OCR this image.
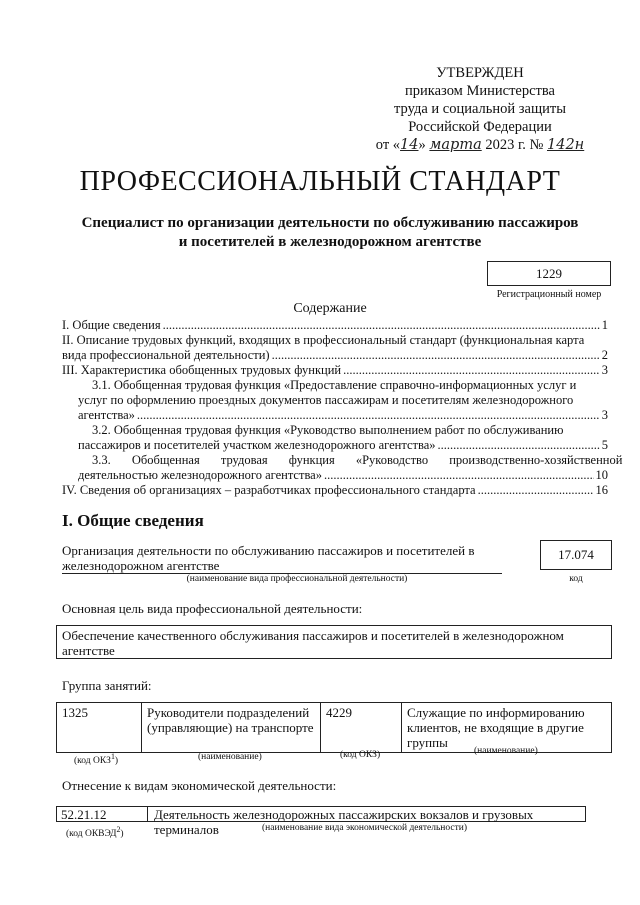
УТВЕРЖДЕН
приказом Министерства
труда и социальной защиты
Российской Федерации
от «14» марта 2023 г. № 142н
ПРОФЕССИОНАЛЬНЫЙ СТАНДАРТ
Специалист по организации деятельности по обслуживанию пассажиров
и посетителей в железнодорожном агентстве
1229
Регистрационный номер
Содержание
I. Общие сведения .....	1
II. Описание трудовых функций, входящих в профессиональный стандарт (функциональная карта
вида профессиональной деятельности) .....	2
III. Характеристика обобщенных трудовых функций .....	3
3.1. Обобщенная трудовая функция «Предоставление справочно-информационных услуг и
услуг по оформлению проездных документов пассажирам и посетителям железнодорожного
агентства» .....	3
3.2. Обобщенная трудовая функция «Руководство выполнением работ по обслуживанию
пассажиров и посетителей участком железнодорожного агентства» .....	5
3.3. Обобщенная трудовая функция «Руководство производственно-хозяйственной
деятельностью железнодорожного агентства» .....	10
IV. Сведения об организациях – разработчиках профессионального стандарта .....	16
I. Общие сведения
Организация деятельности по обслуживанию пассажиров и посетителей в
железнодорожном агентстве
(наименование вида профессиональной деятельности)
17.074
код
Основная цель вида профессиональной деятельности:
Обеспечение качественного обслуживания пассажиров и посетителей в железнодорожном
агентстве
Группа занятий:
1325	Руководители подразделений (управляющие) на транспорте	4229	Служащие по информированию клиентов, не входящие в другие группы
(код ОКЗ$^1$)	(наименование)	(код ОКЗ)	(наименование)
Отнесение к видам экономической деятельности:
52.21.12	Деятельность железнодорожных пассажирских вокзалов и грузовых терминалов
(код ОКВЭД$^2$)
(наименование вида экономической деятельности)
